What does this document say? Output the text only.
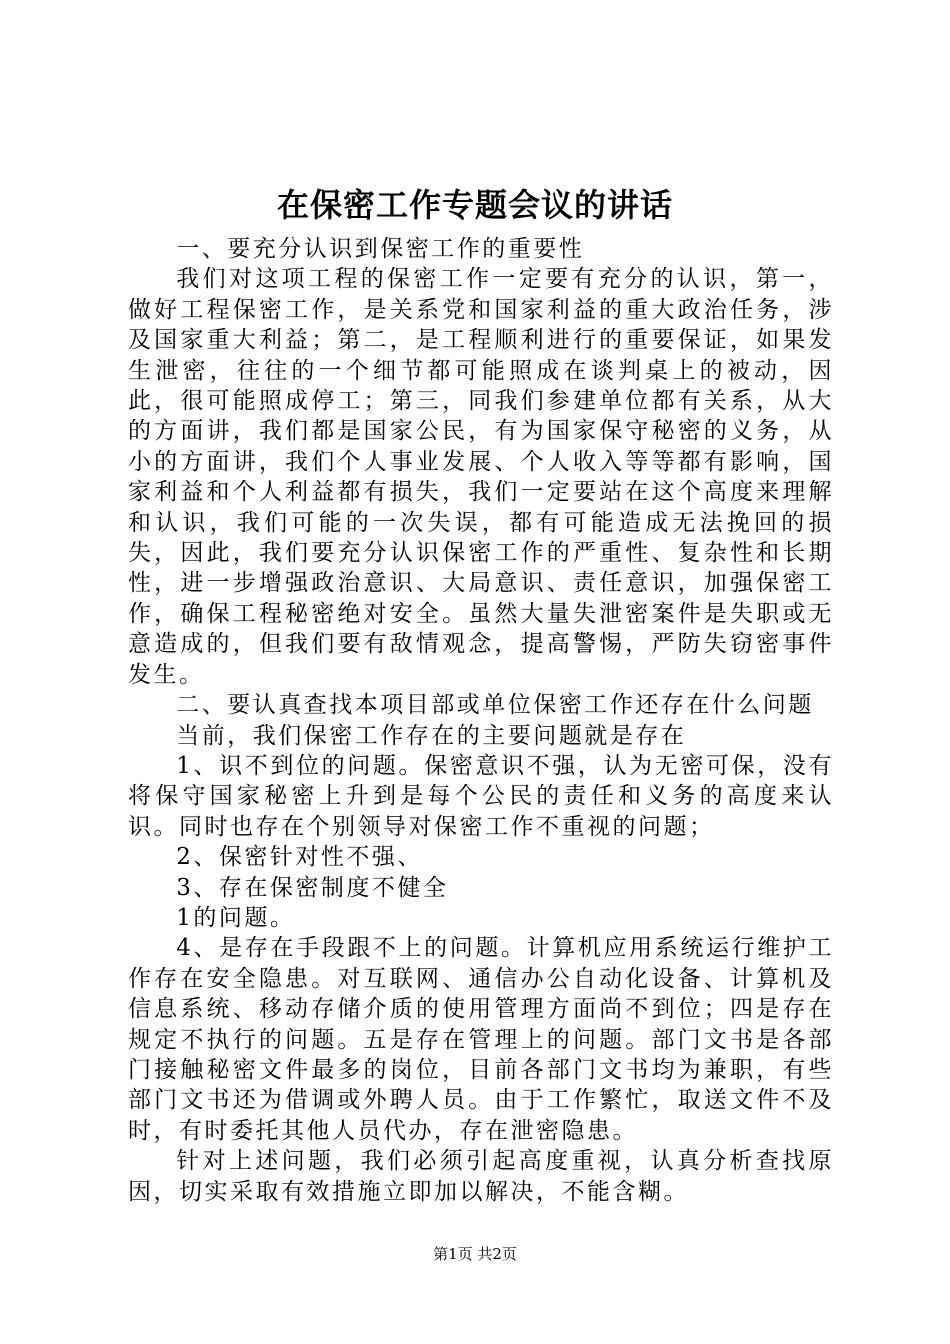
在保密工作专题会议的讲话

一、要充分认识到保密工作的重要性

我们对这项工程的保密工作一定要有充分的认识，第一，做好工程保密工作，是关系党和国家利益的重大政治任务，涉及国家重大利益；第二，是工程顺利进行的重要保证，如果发生泄密，往往的一个细节都可能照成在谈判桌上的被动，因此，很可能照成停工；第三，同我们参建单位都有关系，从大的方面讲，我们都是国家公民，有为国家保守秘密的义务，从小的方面讲，我们个人事业发展、个人收入等等都有影响，国家利益和个人利益都有损失，我们一定要站在这个高度来理解和认识，我们可能的一次失误，都有可能造成无法挽回的损失，因此，我们要充分认识保密工作的严重性、复杂性和长期性，进一步增强政治意识、大局意识、责任意识，加强保密工作，确保工程秘密绝对安全。虽然大量失泄密案件是失职或无意造成的，但我们要有敌情观念，提高警惕，严防失窃密事件发生。

二、要认真查找本项目部或单位保密工作还存在什么问题

当前，我们保密工作存在的主要问题就是存在

1、识不到位的问题。保密意识不强，认为无密可保，没有将保守国家秘密上升到是每个公民的责任和义务的高度来认识。同时也存在个别领导对保密工作不重视的问题；

2、保密针对性不强、

3、存在保密制度不健全

1的问题。

4、是存在手段跟不上的问题。计算机应用系统运行维护工作存在安全隐患。对互联网、通信办公自动化设备、计算机及信息系统、移动存储介质的使用管理方面尚不到位；四是存在规定不执行的问题。五是存在管理上的问题。部门文书是各部门接触秘密文件最多的岗位，目前各部门文书均为兼职，有些部门文书还为借调或外聘人员。由于工作繁忙，取送文件不及时，有时委托其他人员代办，存在泄密隐患。

针对上述问题，我们必须引起高度重视，认真分析查找原因，切实采取有效措施立即加以解决，不能含糊。

第1页 共2页
